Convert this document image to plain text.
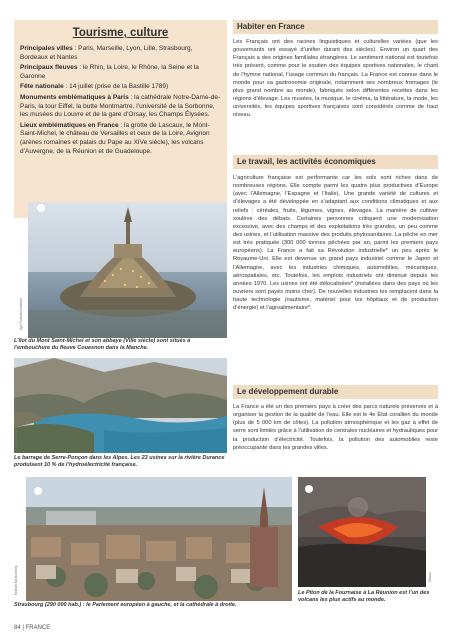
Tourisme, culture

Principales villes : Paris, Marseille, Lyon, Lille, Strasbourg, Bordeaux et Nantes

Principaux fleuves : le Rhin, la Loire, le Rhône, la Seine et la Garonne

Fête nationale : 14 juillet (prise de la Bastille 1789)

Monuments emblématiques à Paris : la cathédrale Notre-Dame-de-Paris, la tour Eiffel, la butte Montmartre, l’université de la Sorbonne, les musées du Louvre et de la gare d’Orsay, les Champs Élysées.

Lieux emblématiques en France : la grotte de Lascaux, le Mont-Saint-Michel, le château de Versailles et ceux de la Loire, Avignon (arènes romaines et palais du Pape au XIVe siècle), les volcans d’Auvergne, de la Réunion et de Guadeloupe.

Ilya Rudnikov/Adobe
L’îlot du Mont Saint-Michel et son abbaye (VIIIe siècle) sont situés à l’embouchure du fleuve Couesnon dans la Manche.
iStock/Getty
Le barrage de Serre-Ponçon dans les Alpes. Les 23 usines sur la rivière Durance produisent 10 % de l’hydroélectricité française.
Mikhail Markovskiy
Strasbourg (290 000 hab.) : le Parlement européen à gauche, et la cathédrale à droite.
Sahan
Le Piton de la Fournaise à La Réunion est l’un des volcans les plus actifs au monde.
Habiter en France

Les Français ont des racines linguistiques et culturelles variées (que les gouvernants ont essayé d’unifier durant des siècles). Environ un quart des Français a des origines familiales étrangères. Le sentiment national est toutefois très présent, comme pour le soutien des équipes sportives nationales, le chant de l’hymne national, l’usage commun du français. La France est connue dans le monde pour sa gastronomie originale, notamment ses nombreux fromages (le plus grand nombre au monde), fabriqués selon différentes recettes dans les régions d’élevage. Les musées, la musique, le cinéma, la littérature, la mode, les universités, les équipes sportives françaises sont considérés comme de haut niveau.

Le travail, les activités économiques

L’agriculture française est performante car les sols sont riches dans de nombreuses régions. Elle compte parmi les quatre plus productives d’Europe (avec l’Allemagne, l’Espagne et l’Italie). Une grande variété de cultures et d’élevages a été développée en s’adaptant aux conditions climatiques et aux reliefs : céréales, fruits, légumes, vignes, élevages. La manière de cultiver soulève des débats. Certaines personnes critiquent une modernisation excessive, avec des champs et des exploitations très grandes, un peu comme des usines, et l’utilisation massive des produits phytosanitaires. La pêche en mer est très pratiquée (300 000 tonnes pêchées par an, parmi les premiers pays européens). La France a fait sa Révolution industrielle* un peu après le Royaume-Uni. Elle est devenue un grand pays industriel comme le Japon et l’Allemagne, avec les industries chimiques, automobiles, mécaniques, aérospatiales, etc. Toutefois, les emplois industriels ont diminué depuis les années 1970. Les usines ont été délocalisées* (installées dans des pays où les ouvriers sont payés moins cher). De nouvelles industries les remplacent dans la haute technologie (nautisme, matériel pour les hôpitaux et de production d’énergie) et l’agroalimentaire*.

Le développement durable

La France a été un des premiers pays à créer des parcs naturels préservés et à organiser la gestion de la qualité de l’eau. Elle est le 4e État corallien du monde (plus de 5 000 km de côtes). La pollution atmosphérique et les gaz à effet de serre sont limités grâce à l’utilisation de centrales nucléaires et hydrauliques pour la production d’électricité. Toutefois, la pollution des automobiles reste préoccupante dans les grandes villes.

84 | FRANCE
